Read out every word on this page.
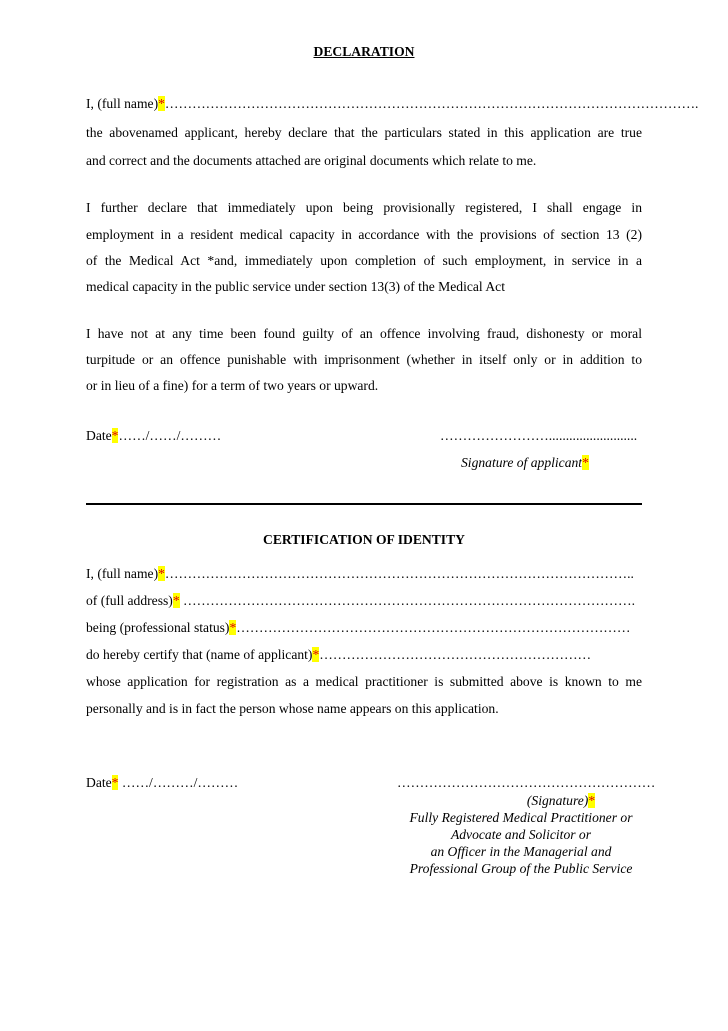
DECLARATION
I, (full name)*……………………………………………………………………………………………………….
the abovenamed applicant, hereby declare that the particulars stated in this application are true
and correct and the documents attached are original documents which relate to me.
I further declare that immediately upon being provisionally registered, I shall engage in
employment in a resident medical capacity in accordance with the provisions of section 13 (2)
of the Medical Act *and, immediately upon completion of such employment, in service in a
medical capacity in the public service under section 13(3) of the Medical Act
I have not at any time been found guilty of an offence involving fraud, dishonesty or moral
turpitude or an offence punishable with imprisonment (whether in itself only or in addition to
or in lieu of a fine) for a term of two years or upward.
Date*……/……/………	……………………..........................
Signature of applicant*
CERTIFICATION OF IDENTITY
I, (full name)*…………………………………………………………………………………………..
of (full address)* ……………………………………………………………………………………….
being (professional status)*……………………………………………………………………………
do hereby certify that (name of applicant)*……………………………………………………
whose application for registration as a medical practitioner is submitted above is known to me
personally and is in fact the person whose name appears on this application.
Date* ……/………/………	…………………………………………………
(Signature)*
Fully Registered Medical Practitioner or
Advocate and Solicitor or
an Officer in the Managerial and
Professional Group of the Public Service
